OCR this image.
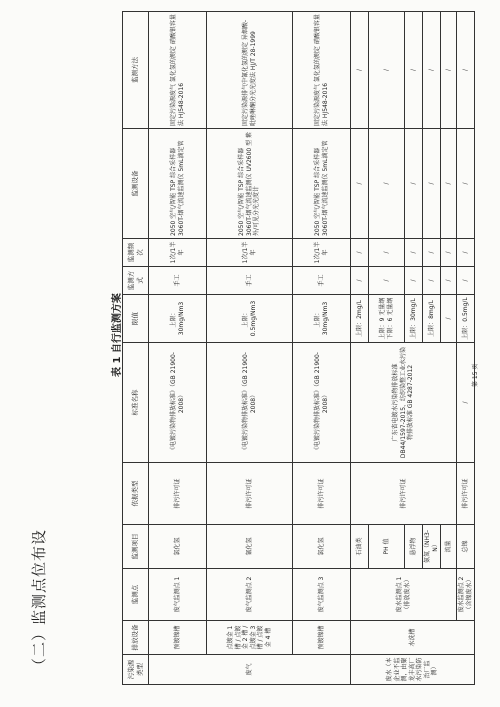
（二）监测点位布设
表 1 自行监测方案
污染源类型	排放设备	监测点	监测项目	依据类型	标准名称	限值	监测方式	监测频次	监测设备	监测方法
废气	预镀镍槽	废气监测点 1	氯化氢	排污许可证	《电镀污染物排放标准》（GB 21900-2008）	上限：30mg/Nm3	手工	1次/1半年	2050 空气/智能 TSP 综合采样器 3060T-烟气流速监测仪 5mL滴定管	固定污染源废气 氯化氢的测定 硝酸银容量法 HJ548-2016
	点镀金 1 槽 / 点镀金 2 槽 / 点镀金 3 槽 / 点镀金 4 槽	废气监测点 2	氰化氢	排污许可证	《电镀污染物排放标准》（GB 21900-2008）	上限：0.5mg/Nm3	手工	1次/1半年	2050 空气/智能 TSP 综合采样器 3060T-烟气流速监测仪 UV2600 型 紫外/可见分光光度计	固定污染源排气中氰化氢的测定 异烟酸-吡唑啉酮分光光度法 HJ/T 28-1999
	预镀镍槽	废气监测点 3	氯化氢	排污许可证	《电镀污染物排放标准》（GB 21900-2008）	上限：30mg/Nm3	手工	1次/1半年	2050 空气/智能 TSP 综合采样器 3060T-烟气流速监测仪 5mL滴定管	固定污染源废气 氯化氢的测定 硝酸银容量法 HJ548-2016
废水（本企业不监测，由聚龙丰高厂水污染防治厂监测）	水洗槽	废水监测点 1（排放废水）	石油类	排污许可证	广东省电镀水污染物排放标准 DB44/1597-2015、纺织染整工业水污染物排放标准 GB 4287-2012	上限：2mg/L	/	/	/	/
			PH 值			上限：9 无量纲 下限：6 无量纲	/	/	/	/
			悬浮物			上限：30mg/L	/	/	/	/
			氨氮（NH3-N）			上限：8mg/L	/	/	/	/
			流量			/	/	/	/	/
		废水监测点 2（含镍废水）	总镍	排污许可证	/	上限：0.5mg/L	/	/	/	/
第 15 页
